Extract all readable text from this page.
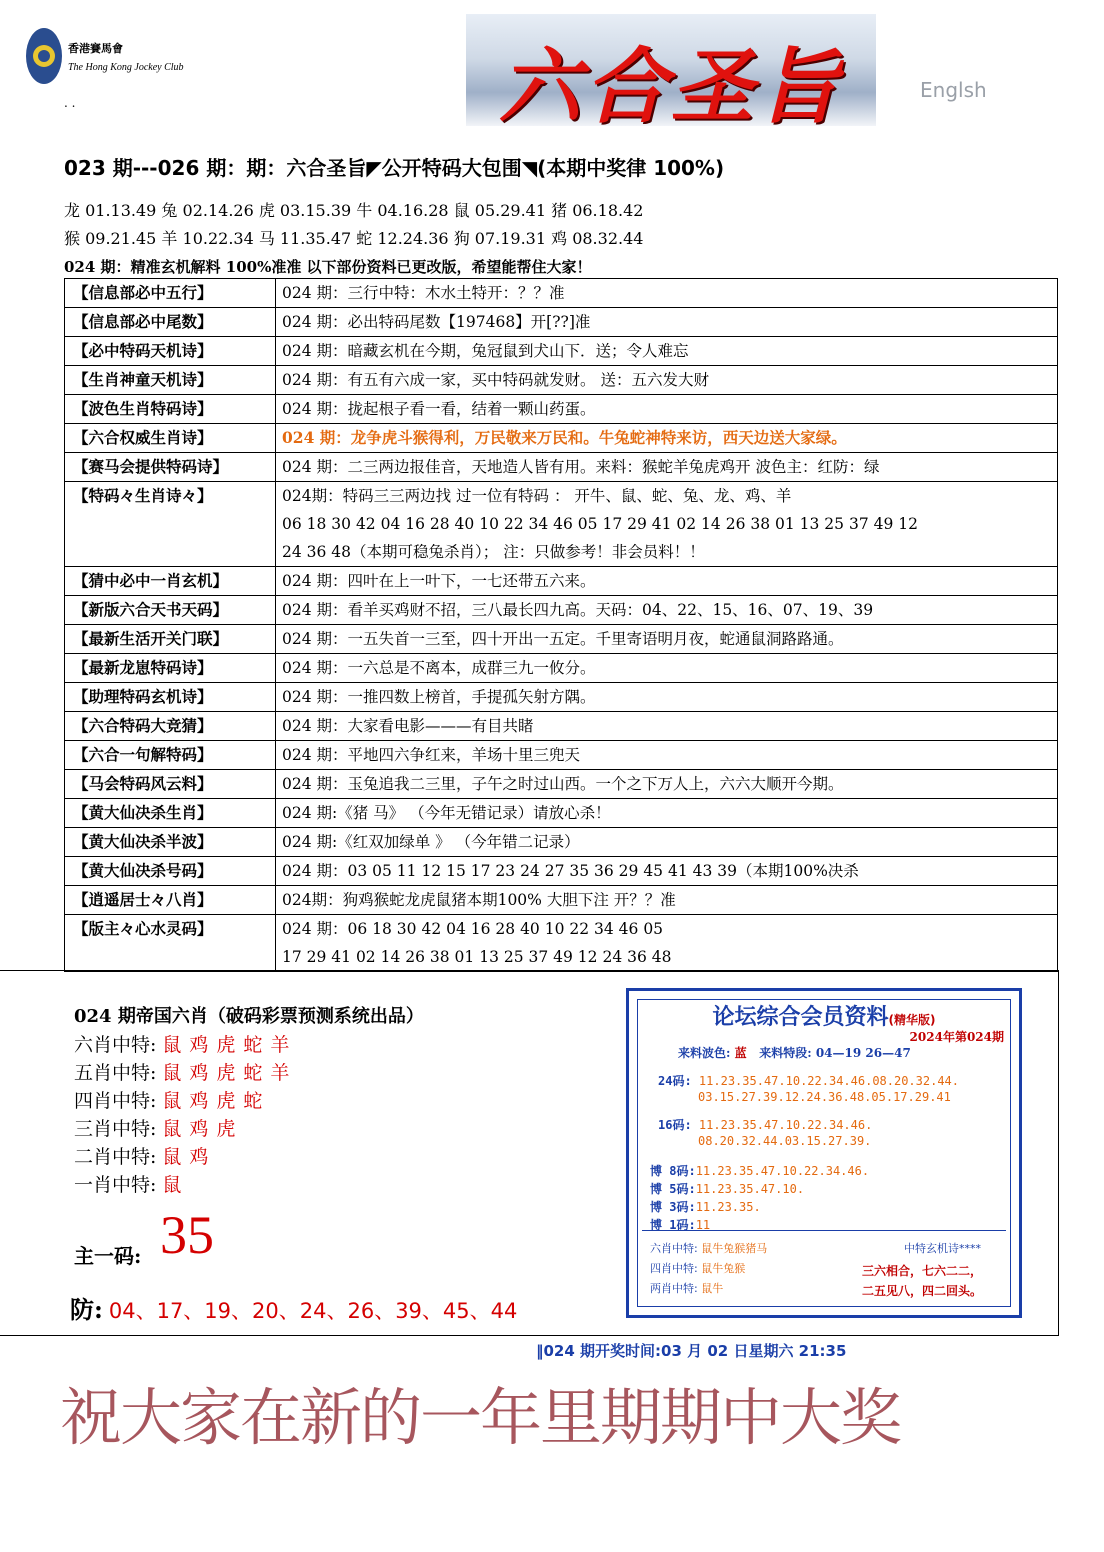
香港賽馬會
The Hong Kong Jockey Club
. .	六合圣旨	Englsh
023 期---026 期：期：六合圣旨◤公开特码大包围◥(本期中奖律 100%)
龙 01.13.49 兔 02.14.26 虎 03.15.39 牛 04.16.28 鼠 05.29.41 猪 06.18.42
猴 09.21.45 羊 10.22.34 马 11.35.47 蛇 12.24.36 狗 07.19.31 鸡 08.32.44
024 期：精准玄机解料 100%准准 以下部份资料已更改版，希望能帮住大家！
【信息部必中五行】	024 期：三行中特：木水土特开：？？准
【信息部必中尾数】	024 期：必出特码尾数【197468】开[??]准
【必中特码天机诗】	024 期：暗藏玄机在今期，兔冠鼠到犬山下．送；令人难忘
【生肖神童天机诗】	024 期：有五有六成一家，买中特码就发财。 送：五六发大财
【波色生肖特码诗】	024 期：拢起根子看一看，结着一颗山药蛋。
【六合权威生肖诗】	024 期：龙争虎斗猴得利，万民敬来万民和。牛兔蛇神特来访，西天边送大家绿。
【赛马会提供特码诗】	024 期：二三两边报佳音，天地造人皆有用。来料：猴蛇羊兔虎鸡开 波色主：红防：绿
【特码々生肖诗々】	024期：特码三三两边找 过一位有特码 ： 开牛、鼠、蛇、兔、龙、鸡、羊
06 18 30 42 04 16 28 40 10 22 34 46 05 17 29 41 02 14 26 38 01 13 25 37 49 12
24 36 48（本期可稳兔杀肖）； 注：只做参考！非会员料！！

【猜中必中一肖玄机】	024 期：四叶在上一叶下，一七还带五六来。
【新版六合天书天码】	024 期：看羊买鸡财不招，三八最长四九高。天码：04、22、15、16、07、19、39
【最新生活开关门联】	024 期：一五失首一三至，四十开出一五定。千里寄语明月夜，蛇通鼠洞路路通。
【最新龙崽特码诗】	024 期：一六总是不离本，成群三九一攸分。
【助理特码玄机诗】	024 期：一推四数上榜首，手提孤矢射方隅。
【六合特码大竞猜】	024 期：大家看电影———有目共睹
【六合一句解特码】	024 期：平地四六争红来，羊场十里三兜天
【马会特码风云料】	024 期：玉兔追我二三里，子午之时过山西。一个之下万人上，六六大顺开今期。
【黄大仙决杀生肖】	024 期:《猪 马》 （今年无错记录）请放心杀！
【黄大仙决杀半波】	024 期:《红双加绿单 》 （今年错二记录）
【黄大仙决杀号码】	024 期：03 05 11 12 15 17 23 24 27 35 36 29 45 41 43 39（本期100%决杀
【逍遥居士々八肖】	024期：狗鸡猴蛇龙虎鼠猪本期100% 大胆下注 开？？准
【版主々心水灵码】	024 期：06 18 30 42 04 16 28 40 10 22 34 46 05
17 29 41 02 14 26 38 01 13 25 37 49 12 24 36 48
024 期帝国六肖（破码彩票预测系统出品）
六肖中特: 鼠鸡虎蛇羊
五肖中特: 鼠鸡虎蛇羊
四肖中特: 鼠鸡虎蛇
三肖中特: 鼠鸡虎
二肖中特: 鼠鸡
一肖中特: 鼠
主一码: 35
防: 04、17、19、20、24、26、39、45、44
论坛综合会员资料(精华版)
2024年第024期
来料波色: 蓝 来料特段: 04—19 26—47
24码: 11.23.35.47.10.22.34.46.08.20.32.44.
03.15.27.39.12.24.36.48.05.17.29.41
16码: 11.23.35.47.10.22.34.46.
08.20.32.44.03.15.27.39.
博 8码:11.23.35.47.10.22.34.46.
博 5码:11.23.35.47.10.
博 3码:11.23.35.
博 1码:11
六肖中特: 鼠牛兔猴猪马
四肖中特: 鼠牛兔猴
两肖中特: 鼠牛
中特玄机诗****
三六相合，七六二二，
二五见八，四二回头。
‖024 期开奖时间:03 月 02 日星期六 21:35
祝大家在新的一年里期期中大奖
